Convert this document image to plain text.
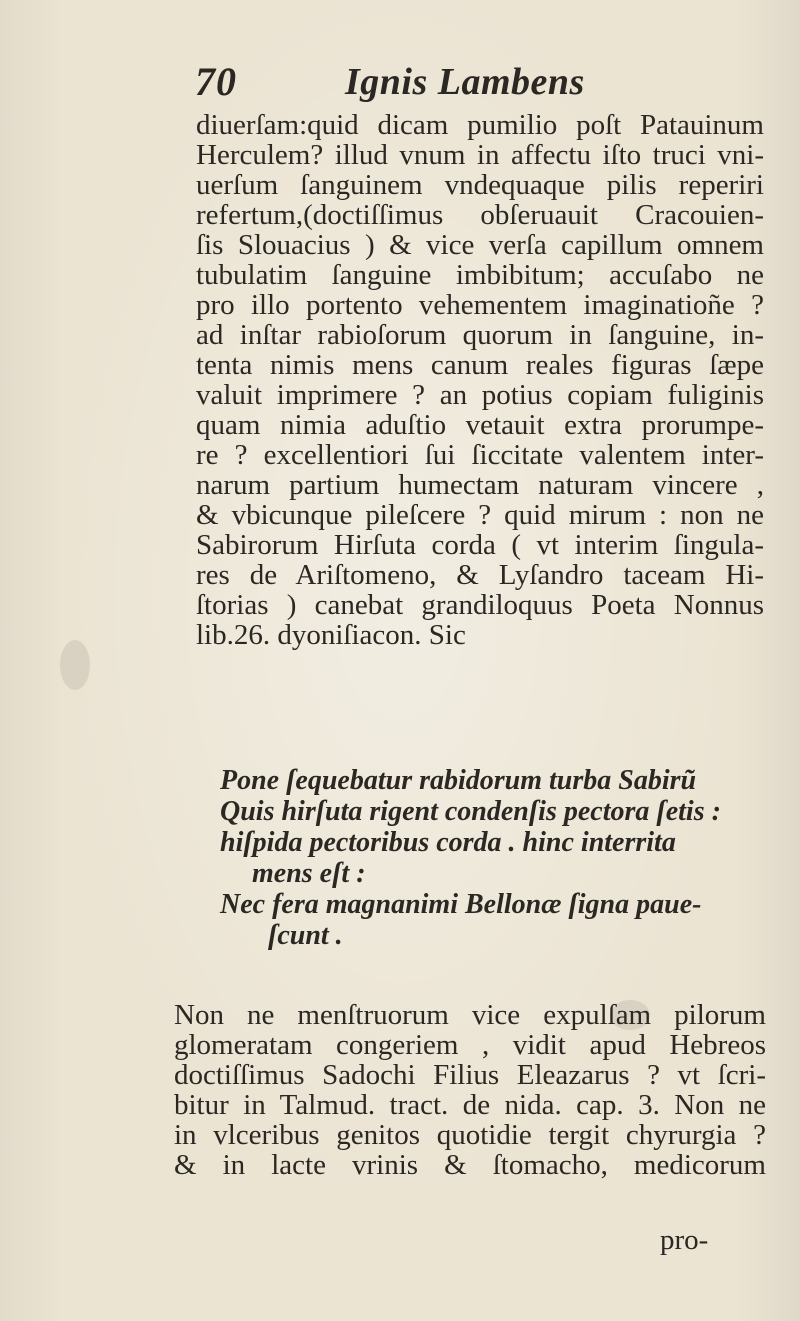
70	Ignis Lambens
diuerſam:quid dicam pumilio poſt Patauinum
Herculem? illud vnum in affectu iſto truci vni-
uerſum ſanguinem vndequaque pilis reperiri
refertum,(doctiſſimus obſeruauit Cracouien-
ſis Slouacius ) & vice verſa capillum omnem
tubulatim ſanguine imbibitum; accuſabo ne
pro illo portento vehementem imaginatioñe ?
ad inſtar rabioſorum quorum in ſanguine, in-
tenta nimis mens canum reales figuras ſæpe
valuit imprimere ? an potius copiam fuliginis
quam nimia aduſtio vetauit extra prorumpe-
re ? excellentiori ſui ſiccitate valentem inter-
narum partium humectam naturam vincere ,
& vbicunque pileſcere ? quid mirum : non ne
Sabirorum Hirſuta corda ( vt interim ſingula-
res de Ariſtomeno, & Lyſandro taceam Hi-
ſtorias ) canebat grandiloquus Poeta Nonnus
lib.26. dyoniſiacon. Sic
Pone ſequebatur rabidorum turba Sabirũ
Quis hirſuta rigent condenſis pectora ſetis :
hiſpida pectoribus corda . hinc interrita
mens eſt :
Nec fera magnanimi Bellonæ ſigna paue-
ſcunt .
Non ne menſtruorum vice expulſam pilorum
glomeratam congeriem , vidit apud Hebreos
doctiſſimus Sadochi Filius Eleazarus ? vt ſcri-
bitur in Talmud. tract. de nida. cap. 3. Non ne
in vlceribus genitos quotidie tergit chyrurgia ?
& in lacte vrinis & ſtomacho, medicorum
pro-
